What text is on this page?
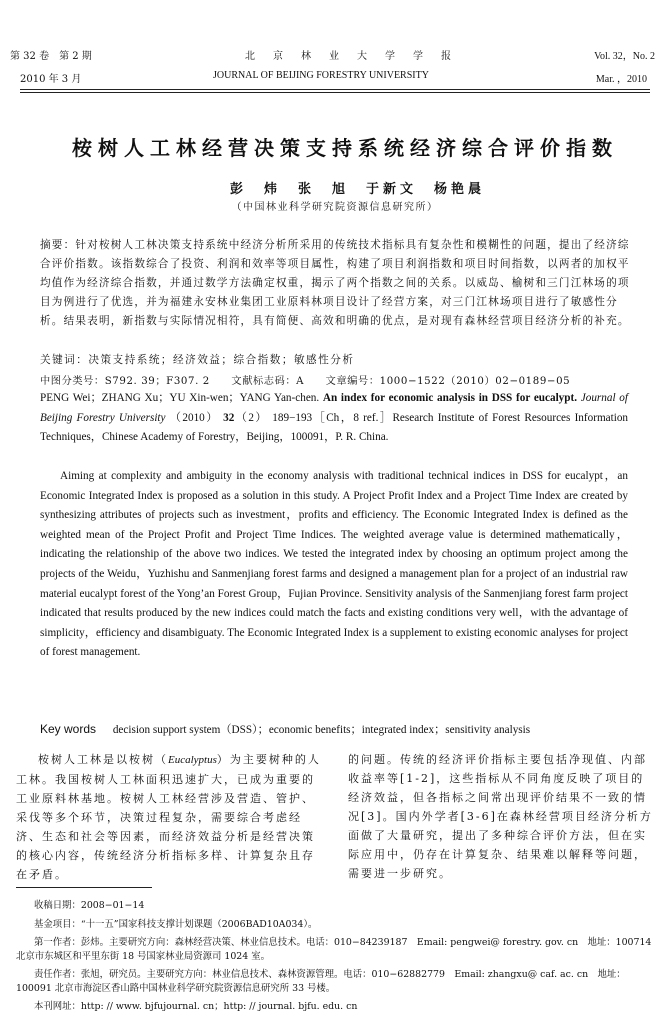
第 32 卷　第 2 期
2010 年 3 月
北　京　林　业　大　学　学　报
JOURNAL OF BEIJING FORESTRY UNIVERSITY
Vol. 32，No. 2
Mar. ，2010
桉树人工林经营决策支持系统经济综合评价指数
彭　炜　张　旭　于新文　杨艳晨
（中国林业科学研究院资源信息研究所）
摘要：针对桉树人工林决策支持系统中经济分析所采用的传统技术指标具有复杂性和模糊性的问题，提出了经济综合评价指数。该指数综合了投资、利润和效率等项目属性，构建了项目利润指数和项目时间指数，以两者的加权平均值作为经济综合指数，并通过数学方法确定权重，揭示了两个指数之间的关系。以威岛、榆树和三门江林场的项目为例进行了优选，并为福建永安林业集团工业原料林项目设计了经营方案，对三门江林场项目进行了敏感性分析。结果表明，新指数与实际情况相符，具有简便、高效和明确的优点，是对现有森林经营项目经济分析的补充。
关键词：决策支持系统；经济效益；综合指数；敏感性分析
中图分类号：S792. 39；F307. 2　　文献标志码：A　　文章编号：1000−1522（2010）02−0189−05
PENG Wei；ZHANG Xu；YU Xin-wen；YANG Yan-chen. An index for economic analysis in DSS for eucalypt. Journal of Beijing Forestry University （2010） 32（2） 189−193［Ch，8 ref.］Research Institute of Forest Resources Information Techniques，Chinese Academy of Forestry，Beijing，100091，P. R. China.
Aiming at complexity and ambiguity in the economy analysis with traditional technical indices in DSS for eucalypt，an Economic Integrated Index is proposed as a solution in this study. A Project Profit Index and a Project Time Index are created by synthesizing attributes of projects such as investment，profits and efficiency. The Economic Integrated Index is defined as the weighted mean of the Project Profit and Project Time Indices. The weighted average value is determined mathematically，indicating the relationship of the above two indices. We tested the integrated index by choosing an optimum project among the projects of the Weidu，Yuzhishu and Sanmenjiang forest farms and designed a management plan for a project of an industrial raw material eucalypt forest of the Yong’an Forest Group，Fujian Province. Sensitivity analysis of the Sanmenjiang forest farm project indicated that results produced by the new indices could match the facts and existing conditions very well，with the advantage of simplicity，efficiency and disambiguaty. The Economic Integrated Index is a supplement to existing economic analyses for project of forest management.
Key words decision support system（DSS）；economic benefits；integrated index；sensitivity analysis
桉树人工林是以桉树（Eucalyptus）为主要树种的人工林。我国桉树人工林面积迅速扩大，已成为重要的工业原料林基地。桉树人工林经营涉及营造、管护、采伐等多个环节，决策过程复杂，需要综合考虑经济、生态和社会等因素，而经济效益分析是经营决策的核心内容，传统经济分析指标多样、计算复杂且存在矛盾。
的问题。传统的经济评价指标主要包括净现值、内部收益率等[1-2]，这些指标从不同角度反映了项目的经济效益，但各指标之间常出现评价结果不一致的情况[3]。国内外学者[3-6]在森林经营项目经济分析方面做了大量研究，提出了多种综合评价方法，但在实际应用中，仍存在计算复杂、结果难以解释等问题，需要进一步研究。
收稿日期：2008−01−14
基金项目：“十一五”国家科技支撑计划课题（2006BAD10A034）。
第一作者：彭炜。主要研究方向：森林经营决策、林业信息技术。电话：010−84239187　Email: pengwei@ forestry. gov. cn　地址：100714 北京市东城区和平里东街 18 号国家林业局资源司 1024 室。
责任作者：张旭，研究员。主要研究方向：林业信息技术、森林资源管理。电话：010−62882779　Email: zhangxu@ caf. ac. cn　地址：100091 北京市海淀区香山路中国林业科学研究院资源信息研究所 33 号楼。
本刊网址：http: // www. bjfujournal. cn；http: // journal. bjfu. edu. cn
